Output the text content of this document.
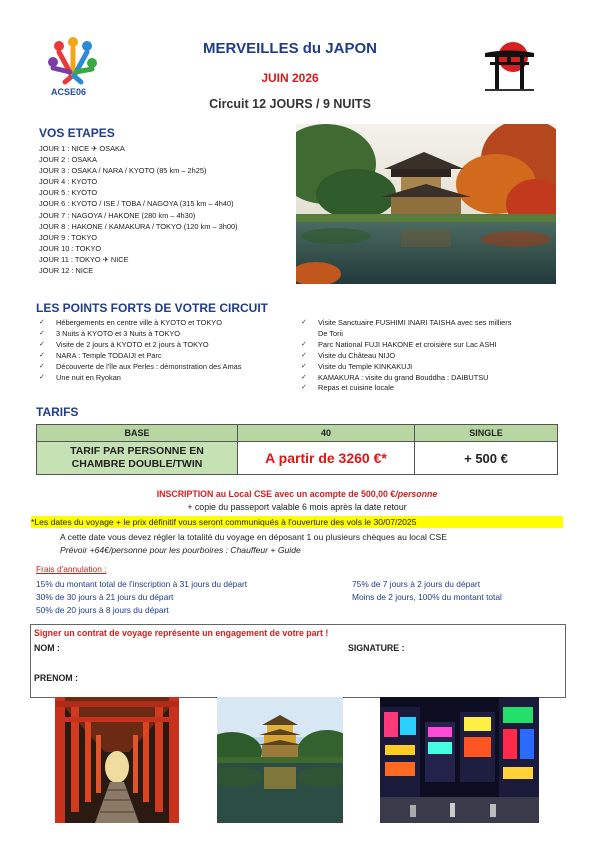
ACSE06
MERVEILLES du JAPON
JUIN 2026
Circuit 12 JOURS / 9 NUITS
VOS ETAPES
JOUR 1 : NICE ✈ OSAKA
JOUR 2 : OSAKA
JOUR 3 : OSAKA / NARA / KYOTO (85 km – 2h25)
JOUR 4 : KYOTO
JOUR 5 : KYOTO
JOUR 6 : KYOTO / ISE / TOBA / NAGOYA (315 km – 4h40)
JOUR 7 : NAGOYA / HAKONE (280 km – 4h30)
JOUR 8 : HAKONE / KAMAKURA / TOKYO (120 km – 3h00)
JOUR 9 : TOKYO
JOUR 10 : TOKYO
JOUR 11 : TOKYO ✈ NICE
JOUR 12 : NICE
LES POINTS FORTS DE VOTRE CIRCUIT
✓ Hébergements en centre ville à KYOTO et TOKYO
✓ 3 Nuits à KYOTO et 3 Nuits à TOKYO
✓ Visite de 2 jours à KYOTO et 2 jours à TOKYO
✓ NARA : Temple TODAIJI et Parc
✓ Découverte de l'île aux Perles : démonstration des Amas
✓ Une nuit en Ryokan
✓ Visite Sanctuaire FUSHIMI INARI TAISHA avec ses milliers
De Torii
✓ Parc National FUJI HAKONE et croisière sur Lac ASHI
✓ Visite du Château NIJO
✓ Visite du Temple KINKAKUJI
✓ KAMAKURA : visite du grand Bouddha : DAIBUTSU
✓ Repas et cuisine locale
TARIFS
BASE	40	SINGLE

TARIF PAR PERSONNE EN
CHAMBRE DOUBLE/TWIN	A partir de 3260 €*	+ 500 €
INSCRIPTION au Local CSE avec un acompte de 500,00 €/personne
+ copie du passeport valable 6 mois après la date retour
*Les dates du voyage + le prix définitif vous seront communiqués à l'ouverture des vols le 30/07/2025
A cette date vous devez régler la totalité du voyage en déposant 1 ou plusieurs chèques au local CSE
Prévoir +64€/personne pour les pourboires : Chauffeur + Guide
Frais d'annulation :
15% du montant total de l'inscription à 31 jours du départ
30% de 30 jours à 21 jours du départ
50% de 20 jours à 8 jours du départ
75% de 7 jours à 2 jours du départ
Moins de 2 jours, 100% du montant total
Signer un contrat de voyage représente un engagement de votre part !
NOM :	SIGNATURE :
PRENOM :
